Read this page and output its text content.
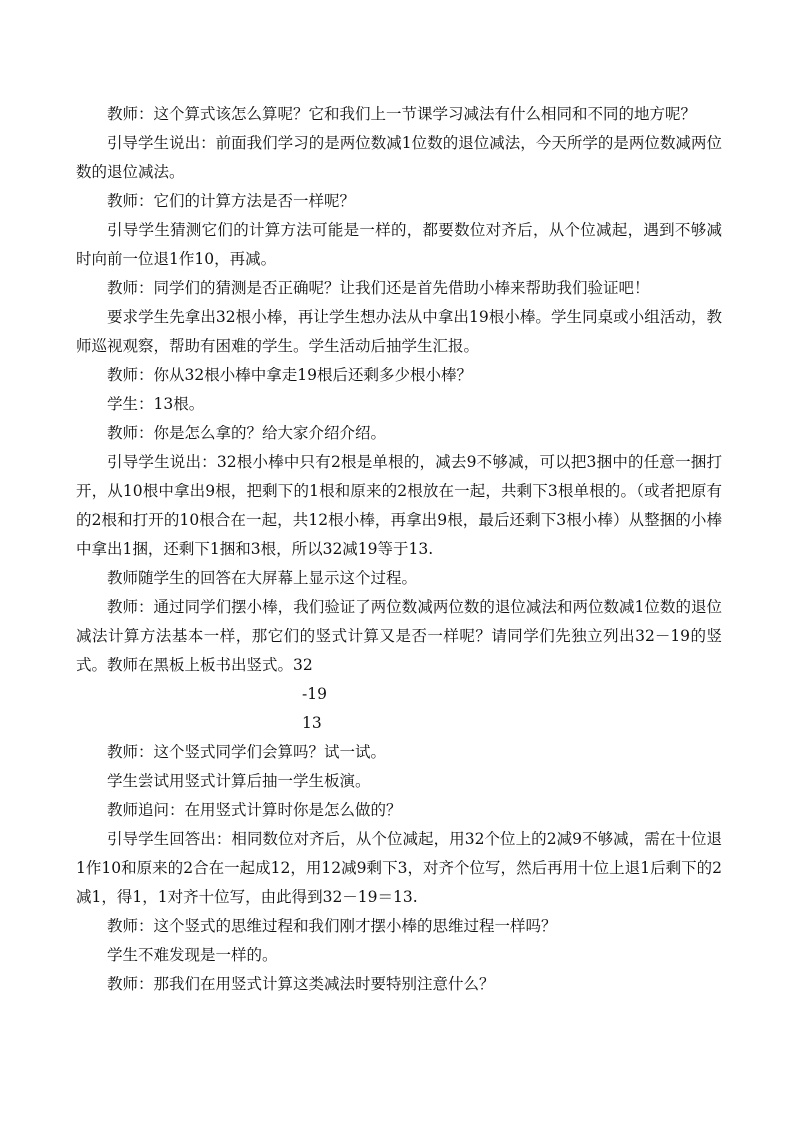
教师：这个算式该怎么算呢？它和我们上一节课学习减法有什么相同和不同的地方呢？

引导学生说出：前面我们学习的是两位数减1位数的退位减法，今天所学的是两位数减两位数的退位减法。

教师：它们的计算方法是否一样呢？

引导学生猜测它们的计算方法可能是一样的，都要数位对齐后，从个位减起，遇到不够减时向前一位退1作10，再减。

教师：同学们的猜测是否正确呢？让我们还是首先借助小棒来帮助我们验证吧！

要求学生先拿出32根小棒，再让学生想办法从中拿出19根小棒。学生同桌或小组活动，教师巡视观察，帮助有困难的学生。学生活动后抽学生汇报。

教师：你从32根小棒中拿走19根后还剩多少根小棒？

学生：13根。

教师：你是怎么拿的？给大家介绍介绍。

引导学生说出：32根小棒中只有2根是单根的，减去9不够减，可以把3捆中的任意一捆打开，从10根中拿出9根，把剩下的1根和原来的2根放在一起，共剩下3根单根的。（或者把原有的2根和打开的10根合在一起，共12根小棒，再拿出9根，最后还剩下3根小棒）从整捆的小棒中拿出1捆，还剩下1捆和3根，所以32减19等于13.

教师随学生的回答在大屏幕上显示这个过程。

教师：通过同学们摆小棒，我们验证了两位数减两位数的退位减法和两位数减1位数的退位减法计算方法基本一样，那它们的竖式计算又是否一样呢？请同学们先独立列出32－19的竖式。教师在黑板上板书出竖式。32

-19

13

教师：这个竖式同学们会算吗？试一试。

学生尝试用竖式计算后抽一学生板演。

教师追问：在用竖式计算时你是怎么做的？

引导学生回答出：相同数位对齐后，从个位减起，用32个位上的2减9不够减，需在十位退1作10和原来的2合在一起成12，用12减9剩下3，对齐个位写，然后再用十位上退1后剩下的2减1，得1，1对齐十位写，由此得到32－19＝13.

教师：这个竖式的思维过程和我们刚才摆小棒的思维过程一样吗？

学生不难发现是一样的。

教师：那我们在用竖式计算这类减法时要特别注意什么？
